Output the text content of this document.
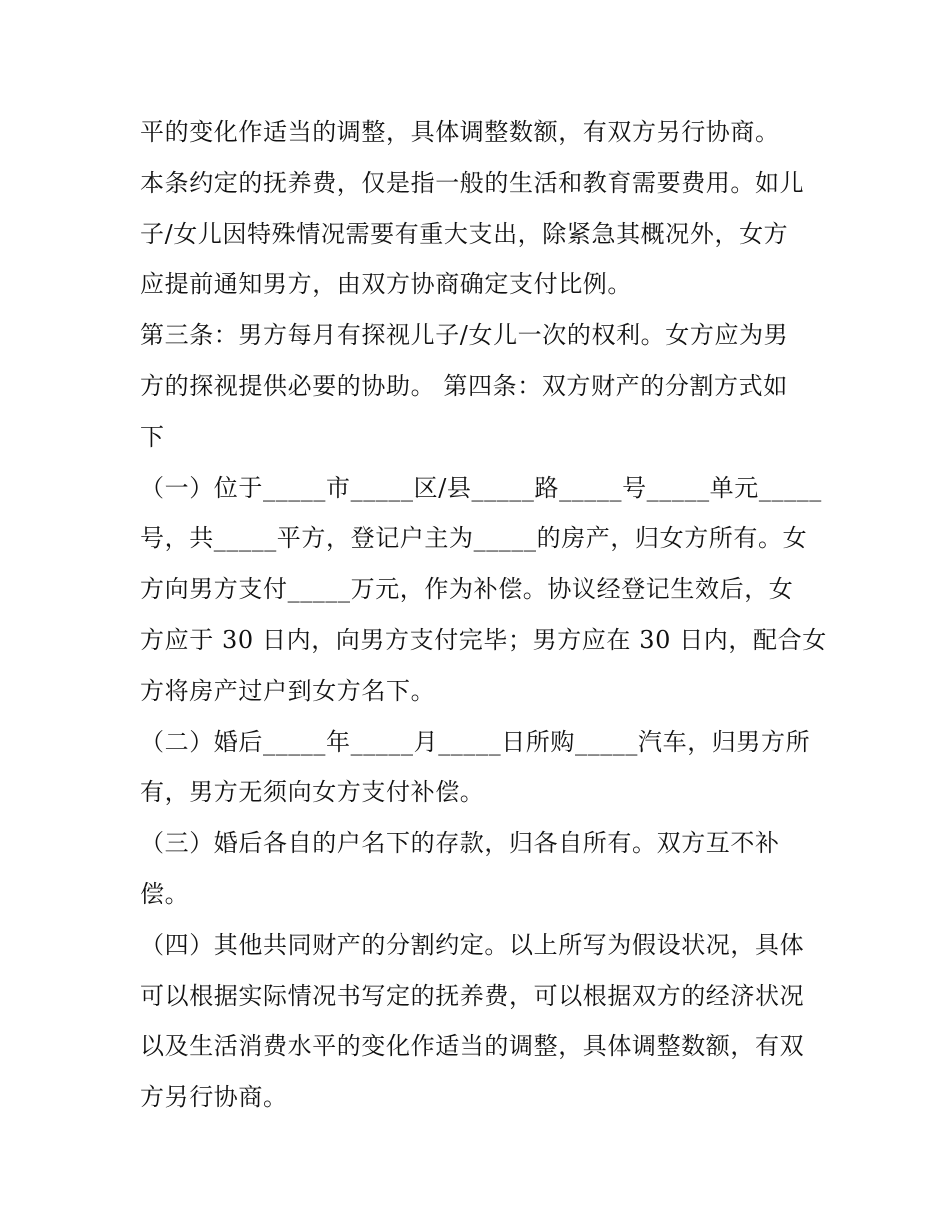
平的变化作适当的调整，具体调整数额，有双方另行协商。
本条约定的抚养费，仅是指一般的生活和教育需要费用。如儿
子/女儿因特殊情况需要有重大支出，除紧急其概况外，女方
应提前通知男方，由双方协商确定支付比例。
第三条：男方每月有探视儿子/女儿一次的权利。女方应为男
方的探视提供必要的协助。 第四条：双方财产的分割方式如
下
（一）位于_____市_____区/县_____路_____号_____单元_____
号，共_____平方，登记户主为_____的房产，归女方所有。女
方向男方支付_____万元，作为补偿。协议经登记生效后，女
方应于 30 日内，向男方支付完毕；男方应在 30 日内，配合女
方将房产过户到女方名下。
（二）婚后_____年_____月_____日所购_____汽车，归男方所
有，男方无须向女方支付补偿。
（三）婚后各自的户名下的存款，归各自所有。双方互不补
偿。
（四）其他共同财产的分割约定。以上所写为假设状况，具体
可以根据实际情况书写定的抚养费，可以根据双方的经济状况
以及生活消费水平的变化作适当的调整，具体调整数额，有双
方另行协商。
